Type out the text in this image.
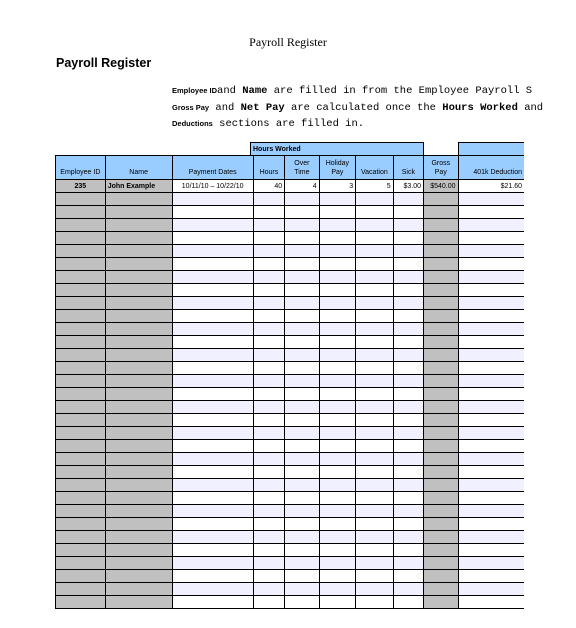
Payroll Register
Payroll Register
Employee IDand Name are filled in from the Employee Payroll S
Gross Pay and Net Pay are calculated once the Hours Worked and
Deductions sections are filled in.
Hours Worked
Employee ID	Name	Payment Dates	Hours	Over Time	Holiday Pay	Vacation	Sick	Gross Pay	401k Deduction
235	John Example	10/11/10 – 10/22/10	40	4	3	5	$3.00	$540.00	$21.60
